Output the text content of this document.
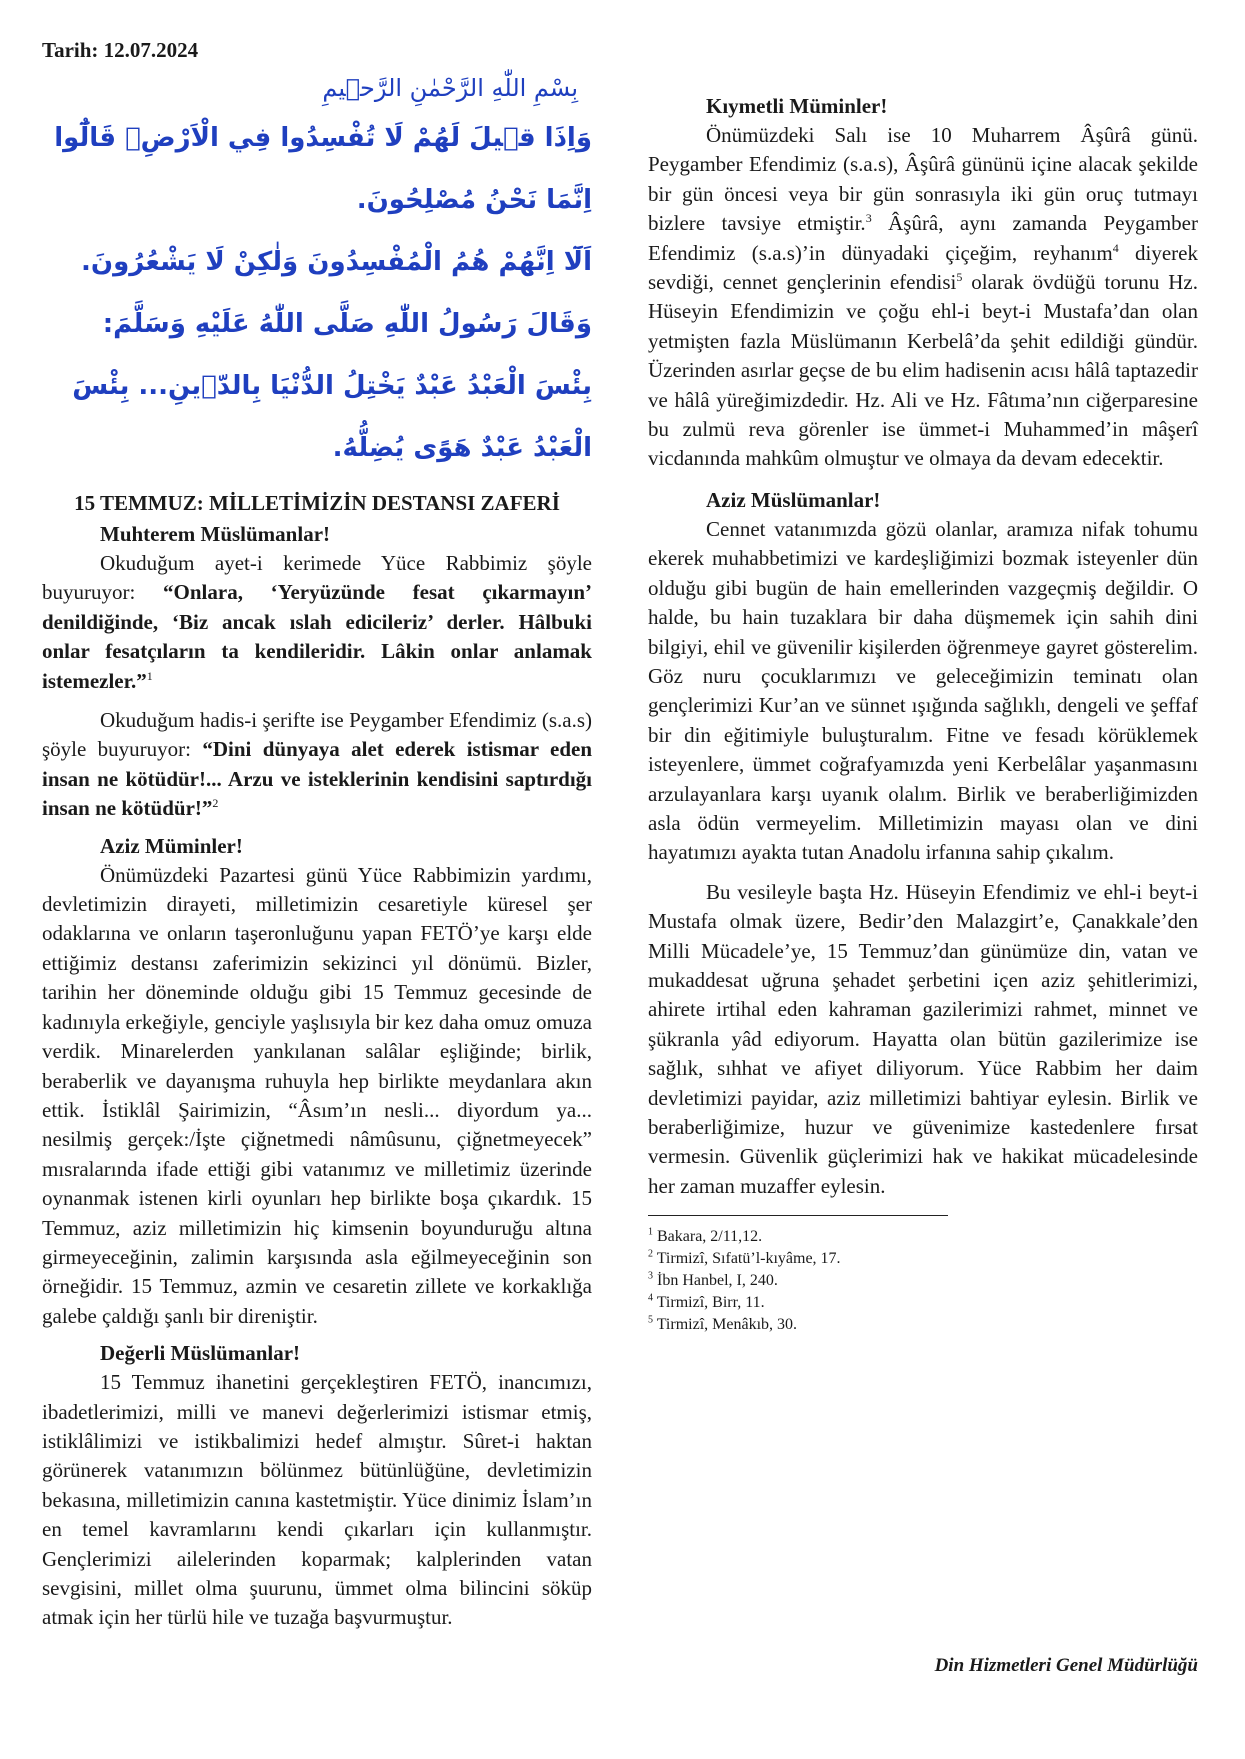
Tarih: 12.07.2024
بِسْمِ اللّٰهِ الرَّحْمٰنِ الرَّح۪يمِ
وَاِذَا ق۪يلَ لَهُمْ لَا تُفْسِدُوا فِي الْاَرْضِۙ قَالُٓوا اِنَّمَا نَحْنُ مُصْلِحُونَ.
اَلَٓا اِنَّهُمْ هُمُ الْمُفْسِدُونَ وَلٰكِنْ لَا يَشْعُرُونَ.
وَقَالَ رَسُولُ اللّٰهِ صَلَّى اللّٰهُ عَلَيْهِ وَسَلَّمَ:
بِئْسَ الْعَبْدُ عَبْدٌ يَخْتِلُ الدُّنْيَا بِالدّ۪ينِ... بِئْسَ الْعَبْدُ عَبْدٌ هَوًى يُضِلُّهُ.
15 TEMMUZ: MİLLETİMİZİN DESTANSI ZAFERİ
Muhterem Müslümanlar!

Okuduğum ayet-i kerimede Yüce Rabbimiz şöyle buyuruyor: “Onlara, ‘Yeryüzünde fesat çıkarmayın’ denildiğinde, ‘Biz ancak ıslah edicileriz’ derler. Hâlbuki onlar fesatçıların ta kendileridir. Lâkin onlar anlamak istemezler.”$^1$

Okuduğum hadis-i şerifte ise Peygamber Efendimiz (s.a.s) şöyle buyuruyor: “Dini dünyaya alet ederek istismar eden insan ne kötüdür!... Arzu ve isteklerinin kendisini saptırdığı insan ne kötüdür!”$^2$

Aziz Müminler!

Önümüzdeki Pazartesi günü Yüce Rabbimizin yardımı, devletimizin dirayeti, milletimizin cesaretiyle küresel şer odaklarına ve onların taşeronluğunu yapan FETÖ’ye karşı elde ettiğimiz destansı zaferimizin sekizinci yıl dönümü. Bizler, tarihin her döneminde olduğu gibi 15 Temmuz gecesinde de kadınıyla erkeğiyle, genciyle yaşlısıyla bir kez daha omuz omuza verdik. Minarelerden yankılanan salâlar eşliğinde; birlik, beraberlik ve dayanışma ruhuyla hep birlikte meydanlara akın ettik. İstiklâl Şairimizin, “Âsım’ın nesli... diyordum ya... nesilmiş gerçek:/İşte çiğnetmedi nâmûsunu, çiğnetmeyecek” mısralarında ifade ettiği gibi vatanımız ve milletimiz üzerinde oynanmak istenen kirli oyunları hep birlikte boşa çıkardık. 15 Temmuz, aziz milletimizin hiç kimsenin boyunduruğu altına girmeyeceğinin, zalimin karşısında asla eğilmeyeceğinin son örneğidir. 15 Temmuz, azmin ve cesaretin zillete ve korkaklığa galebe çaldığı şanlı bir direniştir.

Değerli Müslümanlar!

15 Temmuz ihanetini gerçekleştiren FETÖ, inancımızı, ibadetlerimizi, milli ve manevi değerlerimizi istismar etmiş, istiklâlimizi ve istikbalimizi hedef almıştır. Sûret-i haktan görünerek vatanımızın bölünmez bütünlüğüne, devletimizin bekasına, milletimizin canına kastetmiştir. Yüce dinimiz İslam’ın en temel kavramlarını kendi çıkarları için kullanmıştır. Gençlerimizi ailelerinden koparmak; kalplerinden vatan sevgisini, millet olma şuurunu, ümmet olma bilincini söküp atmak için her türlü hile ve tuzağa başvurmuştur.

Kıymetli Müminler!

Önümüzdeki Salı ise 10 Muharrem Âşûrâ günü. Peygamber Efendimiz (s.a.s), Âşûrâ gününü içine alacak şekilde bir gün öncesi veya bir gün sonrasıyla iki gün oruç tutmayı bizlere tavsiye etmiştir.$^3$ Âşûrâ, aynı zamanda Peygamber Efendimiz (s.a.s)’in dünyadaki çiçeğim, reyhanım$^4$ diyerek sevdiği, cennet gençlerinin efendisi$^5$ olarak övdüğü torunu Hz. Hüseyin Efendimizin ve çoğu ehl-i beyt-i Mustafa’dan olan yetmişten fazla Müslümanın Kerbelâ’da şehit edildiği gündür. Üzerinden asırlar geçse de bu elim hadisenin acısı hâlâ taptazedir ve hâlâ yüreğimizdedir. Hz. Ali ve Hz. Fâtıma’nın ciğerparesine bu zulmü reva görenler ise ümmet-i Muhammed’in mâşerî vicdanında mahkûm olmuştur ve olmaya da devam edecektir.

Aziz Müslümanlar!

Cennet vatanımızda gözü olanlar, aramıza nifak tohumu ekerek muhabbetimizi ve kardeşliğimizi bozmak isteyenler dün olduğu gibi bugün de hain emellerinden vazgeçmiş değildir. O halde, bu hain tuzaklara bir daha düşmemek için sahih dini bilgiyi, ehil ve güvenilir kişilerden öğrenmeye gayret gösterelim. Göz nuru çocuklarımızı ve geleceğimizin teminatı olan gençlerimizi Kur’an ve sünnet ışığında sağlıklı, dengeli ve şeffaf bir din eğitimiyle buluşturalım. Fitne ve fesadı körüklemek isteyenlere, ümmet coğrafyamızda yeni Kerbelâlar yaşanmasını arzulayanlara karşı uyanık olalım. Birlik ve beraberliğimizden asla ödün vermeyelim. Milletimizin mayası olan ve dini hayatımızı ayakta tutan Anadolu irfanına sahip çıkalım.

Bu vesileyle başta Hz. Hüseyin Efendimiz ve ehl-i beyt-i Mustafa olmak üzere, Bedir’den Malazgirt’e, Çanakkale’den Milli Mücadele’ye, 15 Temmuz’dan günümüze din, vatan ve mukaddesat uğruna şehadet şerbetini içen aziz şehitlerimizi, ahirete irtihal eden kahraman gazilerimizi rahmet, minnet ve şükranla yâd ediyorum. Hayatta olan bütün gazilerimize ise sağlık, sıhhat ve afiyet diliyorum. Yüce Rabbim her daim devletimizi payidar, aziz milletimizi bahtiyar eylesin. Birlik ve beraberliğimize, huzur ve güvenimize kastedenlere fırsat vermesin. Güvenlik güçlerimizi hak ve hakikat mücadelesinde her zaman muzaffer eylesin.

$^1$ Bakara, 2/11,12.
$^2$ Tirmizî, Sıfatü’l-kıyâme, 17.
$^3$ İbn Hanbel, I, 240.
$^4$ Tirmizî, Birr, 11.
$^5$ Tirmizî, Menâkıb, 30.
Din Hizmetleri Genel Müdürlüğü
